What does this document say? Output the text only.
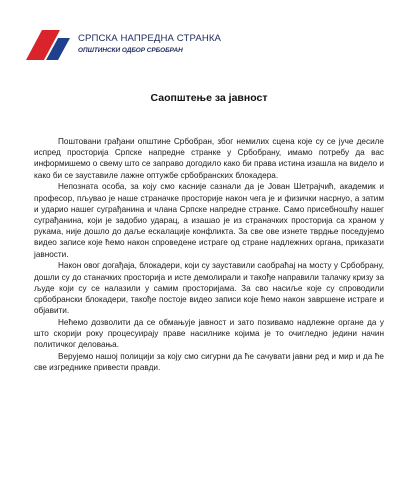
СРПСКА НАПРЕДНА СТРАНКА
ОПШТИНСКИ ОДБОР СРБОБРАН
Саопштење за јавност

Поштовани грађани општине Србобран, због немилих сцена које су се јуче десиле испред просторија Српске напредне странке у Србобрану, имамо потребу да вас информишемо о свему што се заправо догодило како би права истина изашла на видело и како би се зауставиле лажне оптужбе србобранских блокадера.

Непозната особа, за коју смо касније сазнали да је Јован Шетрајчић, академик и професор, пљувао је наше страначке просторије након чега је и физички насрнуо, а затим и ударио нашег суграђанина и члана Српске напредне странке. Само присебношћу нашег суграђанина, који је задобио ударац, а изашао је из страначких просторија са храном у рукама, није дошло до даље ескалације конфликта. За све ове изнете тврдње поседујемо видео записе које ћемо након спроведене истраге од стране надлежних органа, приказати јавности.

Након овог догађаја, блокадери, који су зауставили саобраћај на мосту у Србобрану, дошли су до станачких просторија и исте демолирали и такође направили талачку кризу за људе који су се налазили у самим просторијама. За сво насиље које су спроводили србобрански блокадери, такође постоје видео записи које ћемо након завршене истраге и објавити.

Нећемо дозволити да се обмањује јавност и зато позивамо надлежне органе да у што скорији року процесуирају праве насилнике којима је то очигледно једини начин политичког деловања.

Верујемо нашој полицији за коју смо сигурни да ће сачувати јавни ред и мир и да ће све изгреднике привести правди.
